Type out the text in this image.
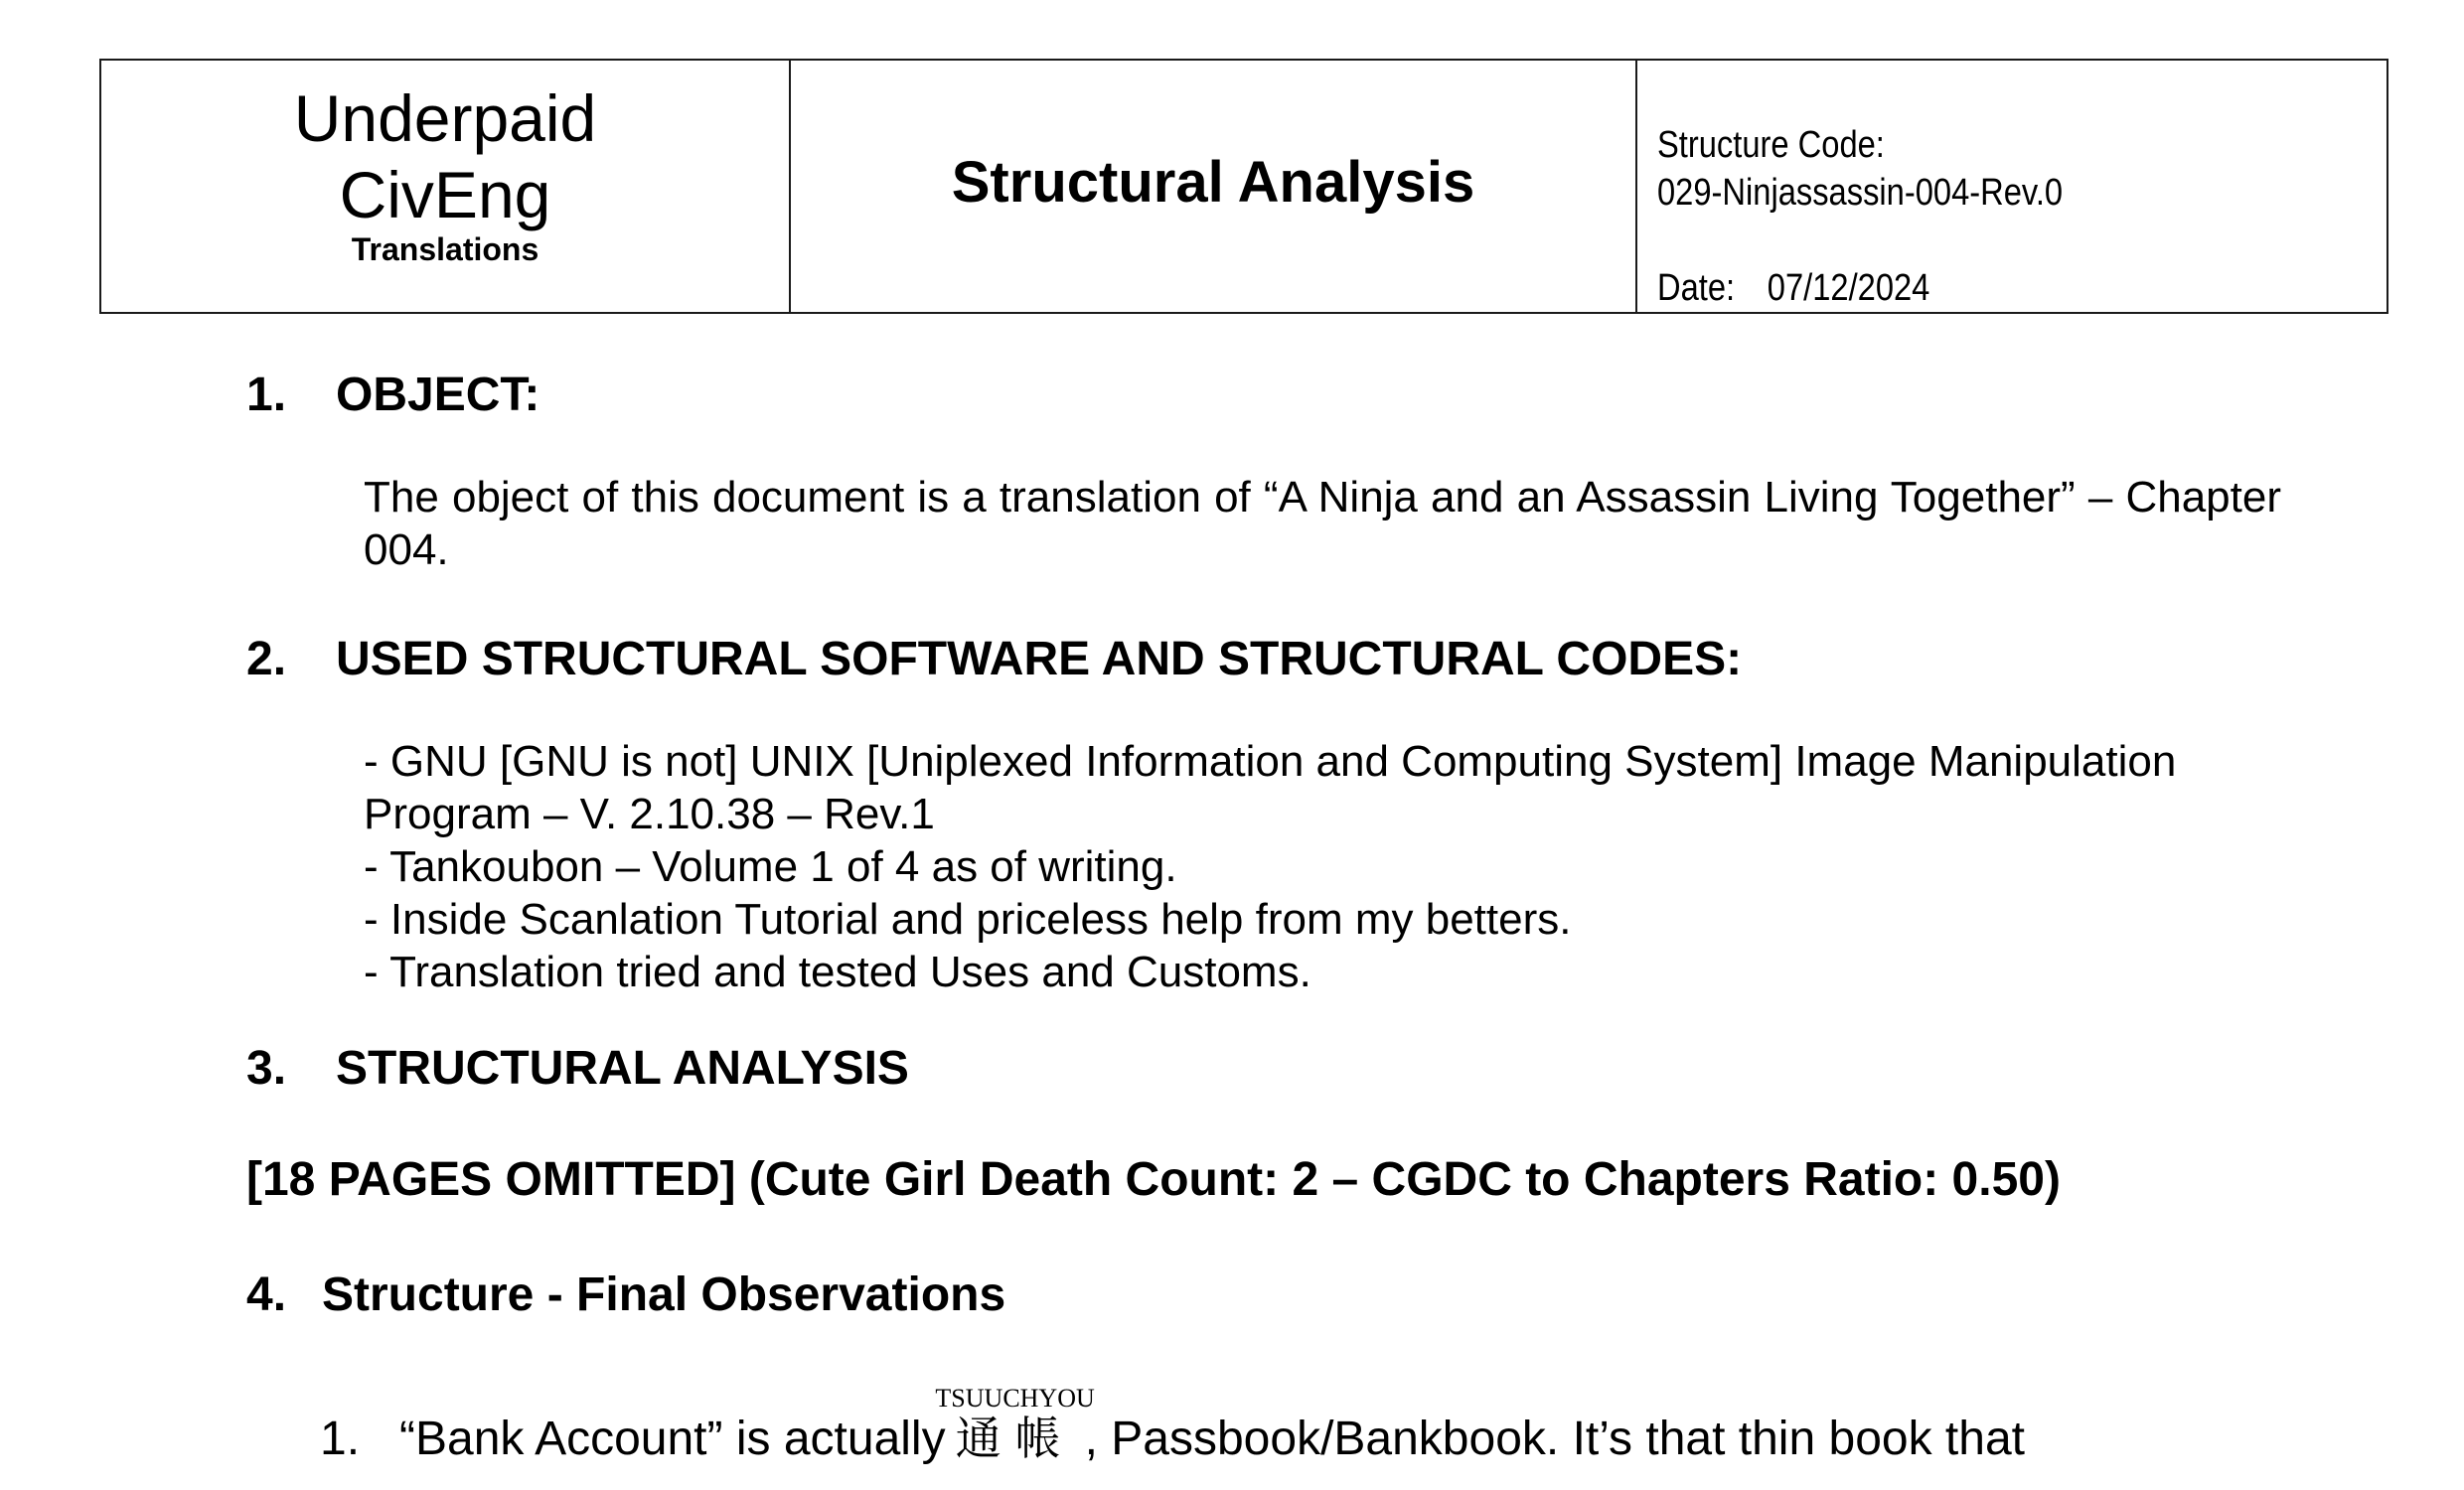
Underpaid
CivEng
Translations
Structural Analysis
Structure Code:
029-Ninjassassin-004-Rev.0
Date: 07/12/2024
1. OBJECT:
The object of this document is a translation of “A Ninja and an Assassin Living Together” – Chapter 004.
2. USED STRUCTURAL SOFTWARE AND STRUCTURAL CODES:
- GNU [GNU is not] UNIX [Uniplexed Information and Computing System] Image Manipulation
Program – V. 2.10.38 – Rev.1
- Tankoubon – Volume 1 of 4 as of writing.
- Inside Scanlation Tutorial and priceless help from my betters.
- Translation tried and tested Uses and Customs.
3. STRUCTURAL ANALYSIS
[18 PAGES OMITTED] (Cute Girl Death Count: 2 – CGDC to Chapters Ratio: 0.50)
4. Structure - Final Observations
1. “Bank Account” is actually
TSUUCHYOU
通帳 , Passbook/Bankbook. It’s that thin book that
